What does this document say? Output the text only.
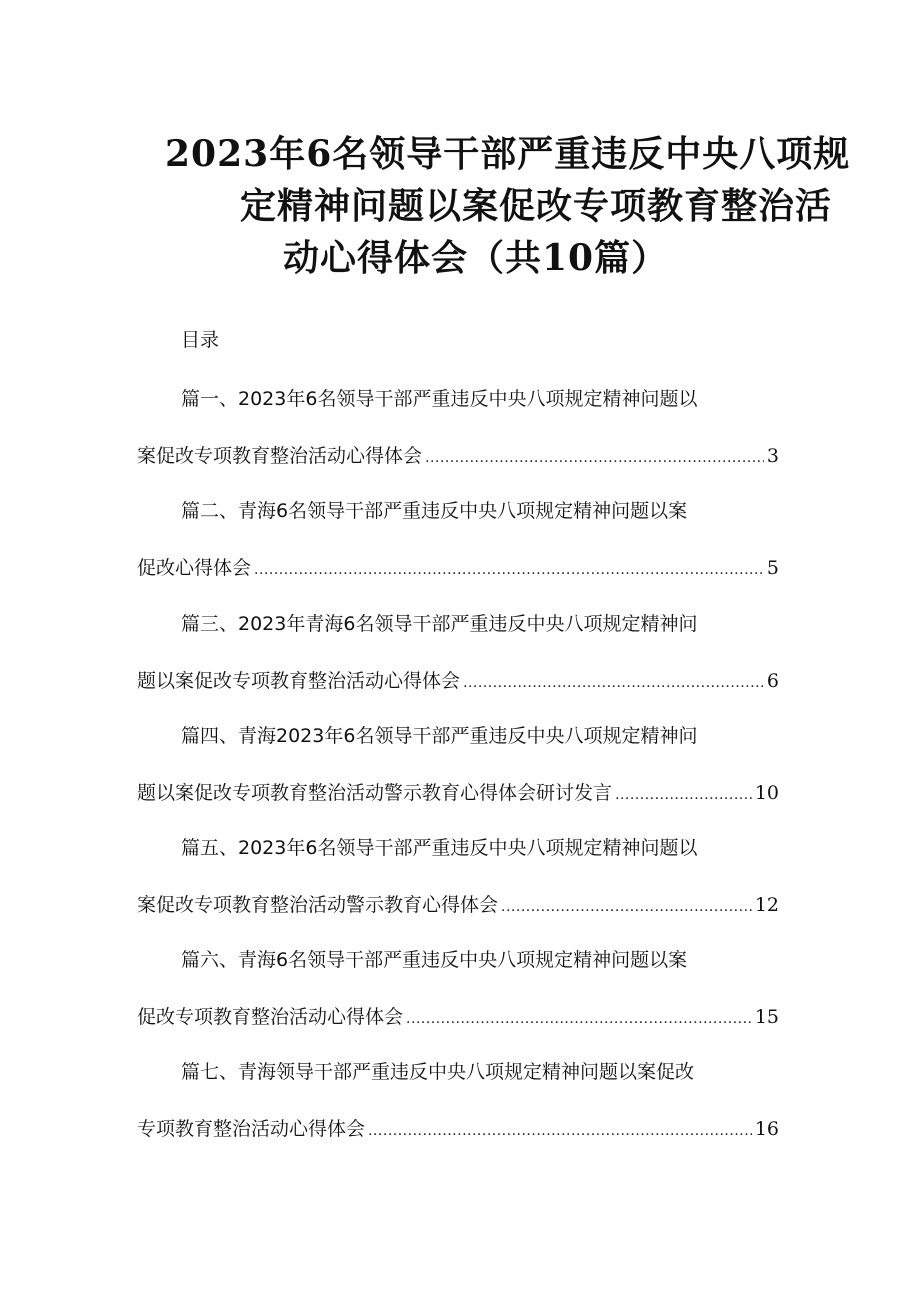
2023年6名领导干部严重违反中央八项规
定精神问题以案促改专项教育整治活
动心得体会（共10篇）
目录
篇一、2023年6名领导干部严重违反中央八项规定精神问题以
案促改专项教育整治活动心得体会 .....	3
篇二、青海6名领导干部严重违反中央八项规定精神问题以案
促改心得体会 .....	5
篇三、2023年青海6名领导干部严重违反中央八项规定精神问
题以案促改专项教育整治活动心得体会 .....	6
篇四、青海2023年6名领导干部严重违反中央八项规定精神问
题以案促改专项教育整治活动警示教育心得体会研讨发言 .....	10
篇五、2023年6名领导干部严重违反中央八项规定精神问题以
案促改专项教育整治活动警示教育心得体会 .....	12
篇六、青海6名领导干部严重违反中央八项规定精神问题以案
促改专项教育整治活动心得体会 .....	15
篇七、青海领导干部严重违反中央八项规定精神问题以案促改
专项教育整治活动心得体会 .....	16
